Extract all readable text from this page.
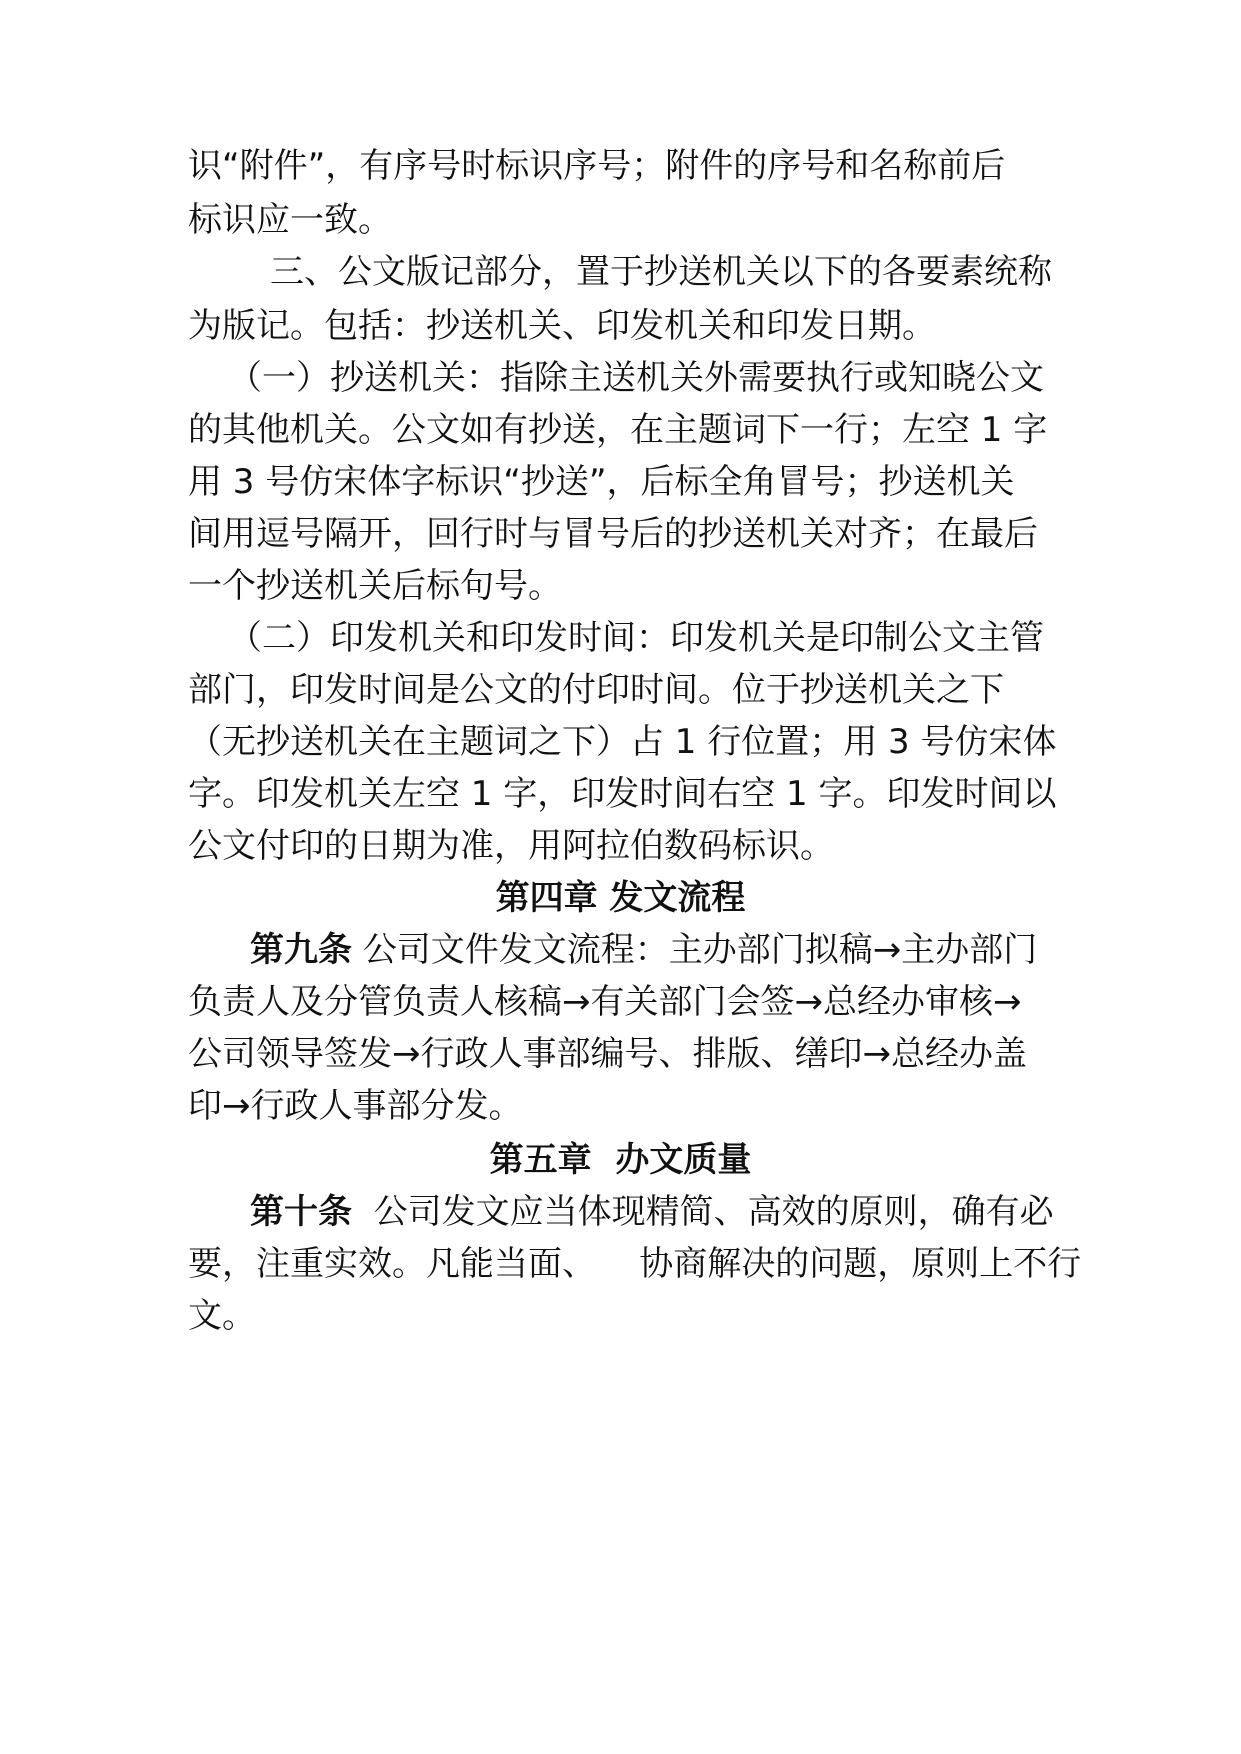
识“附件”，有序号时标识序号；附件的序号和名称前后
标识应一致。
三、公文版记部分，置于抄送机关以下的各要素统称
为版记。包括：抄送机关、印发机关和印发日期。
（一）抄送机关：指除主送机关外需要执行或知晓公文
的其他机关。公文如有抄送，在主题词下一行；左空 1 字
用 3 号仿宋体字标识“抄送”，后标全角冒号；抄送机关
间用逗号隔开，回行时与冒号后的抄送机关对齐；在最后
一个抄送机关后标句号。
（二）印发机关和印发时间：印发机关是印制公文主管
部门，印发时间是公文的付印时间。位于抄送机关之下
（无抄送机关在主题词之下）占 1 行位置；用 3 号仿宋体
字。印发机关左空 1 字，印发时间右空 1 字。印发时间以
公文付印的日期为准，用阿拉伯数码标识。
第四章 发文流程
第九条 公司文件发文流程：主办部门拟稿→主办部门
负责人及分管负责人核稿→有关部门会签→总经办审核→
公司领导签发→行政人事部编号、排版、缮印→总经办盖
印→行政人事部分发。
第五章  办文质量
第十条 公司发文应当体现精简、高效的原则，确有必
要，注重实效。凡能当面、    协商解决的问题，原则上不行
文。
